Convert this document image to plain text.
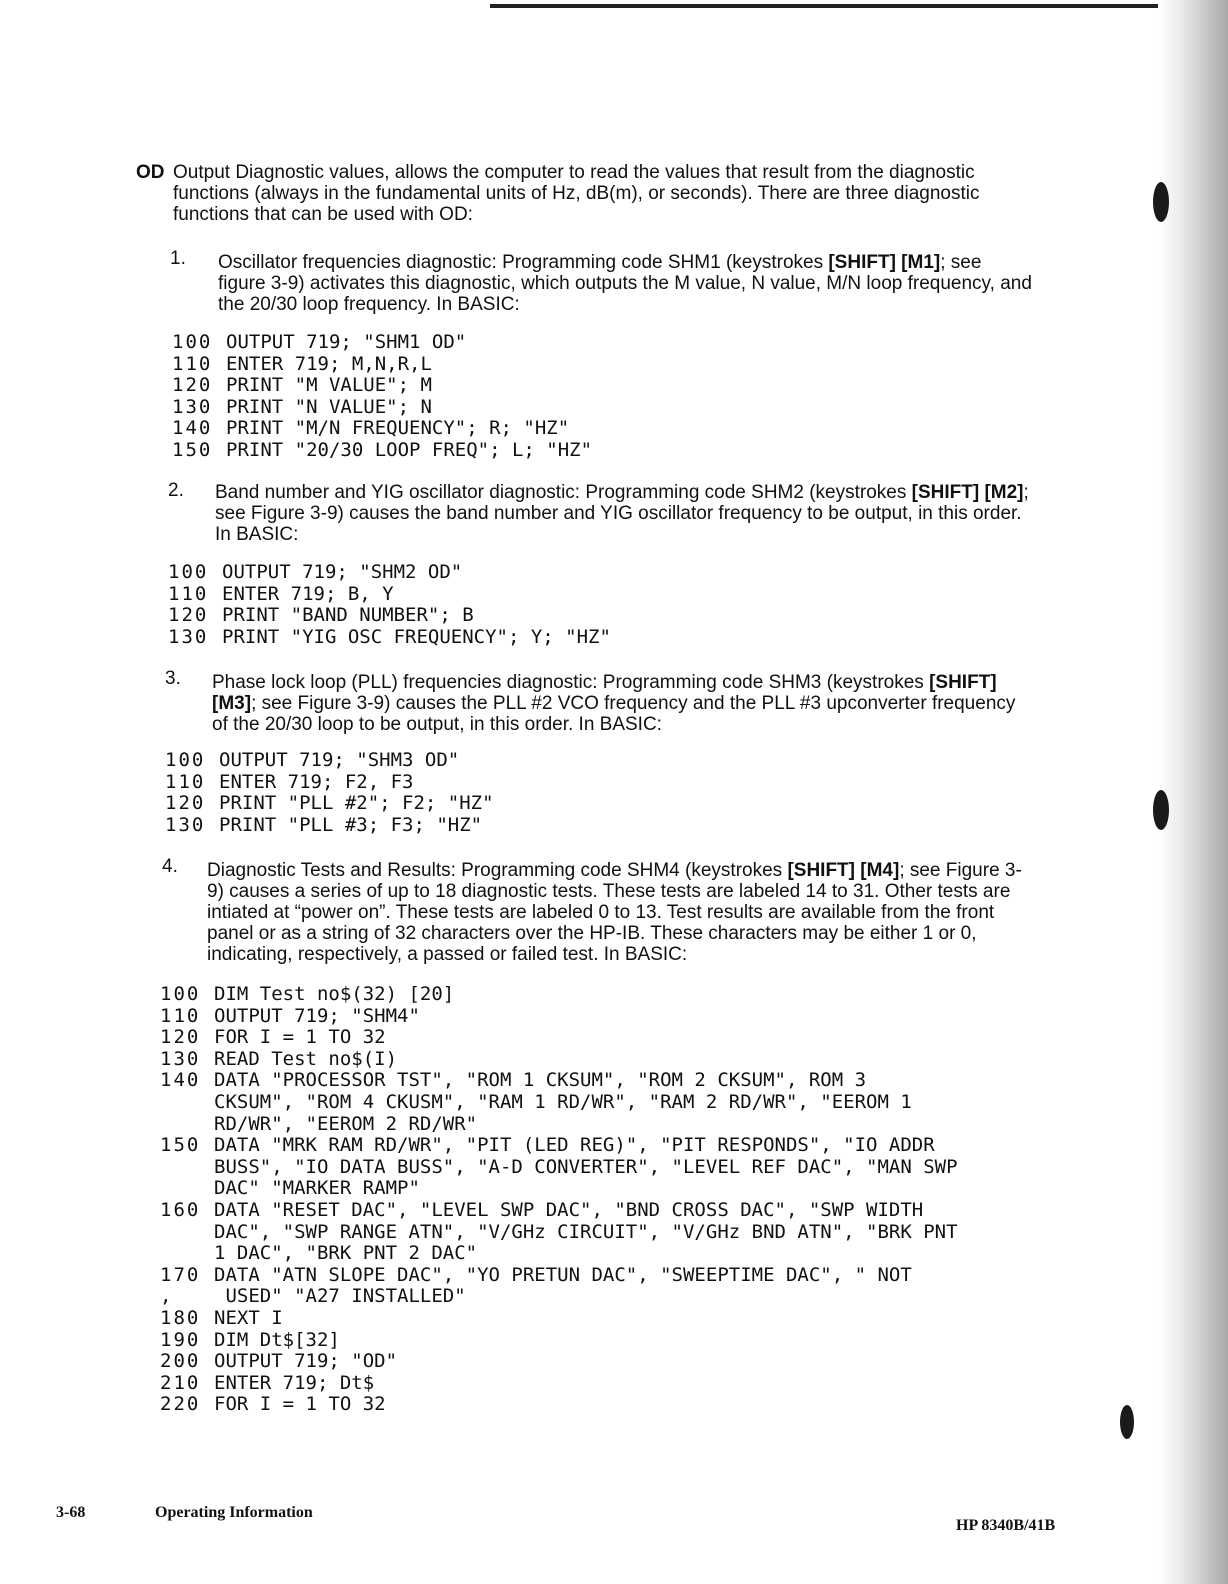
OD Output Diagnostic values, allows the computer to read the values that result from the diagnostic functions (always in the fundamental units of Hz, dB(m), or seconds). There are three diagnostic functions that can be used with OD:

1. Oscillator frequencies diagnostic: Programming code SHM1 (keystrokes [SHIFT] [M1]; see figure 3-9) activates this diagnostic, which outputs the M value, N value, M/N loop frequency, and the 20/30 loop frequency. In BASIC:

100 OUTPUT 719; "SHM1 OD"
110 ENTER 719; M,N,R,L
120 PRINT "M VALUE"; M
130 PRINT "N VALUE"; N
140 PRINT "M/N FREQUENCY"; R; "HZ"
150 PRINT "20/30 LOOP FREQ"; L; "HZ"
2. Band number and YIG oscillator diagnostic: Programming code SHM2 (keystrokes [SHIFT] [M2]; see Figure 3-9) causes the band number and YIG oscillator frequency to be output, in this order. In BASIC:

100 OUTPUT 719; "SHM2 OD"
110 ENTER 719; B, Y
120 PRINT "BAND NUMBER"; B
130 PRINT "YIG OSC FREQUENCY"; Y; "HZ"
3. Phase lock loop (PLL) frequencies diagnostic: Programming code SHM3 (keystrokes [SHIFT] [M3]; see Figure 3-9) causes the PLL #2 VCO frequency and the PLL #3 upconverter frequency of the 20/30 loop to be output, in this order. In BASIC:

100 OUTPUT 719; "SHM3 OD"
110 ENTER 719; F2, F3
120 PRINT "PLL #2"; F2; "HZ"
130 PRINT "PLL #3; F3; "HZ"
4. Diagnostic Tests and Results: Programming code SHM4 (keystrokes [SHIFT] [M4]; see Figure 3-9) causes a series of up to 18 diagnostic tests. These tests are labeled 14 to 31. Other tests are intiated at “power on”. These tests are labeled 0 to 13. Test results are available from the front panel or as a string of 32 characters over the HP-IB. These characters may be either 1 or 0, indicating, respectively, a passed or failed test. In BASIC:

100 DIM Test no$(32) [20]
110 OUTPUT 719; "SHM4"
120 FOR I = 1 TO 32
130 READ Test no$(I)
140 DATA "PROCESSOR TST", "ROM 1 CKSUM", "ROM 2 CKSUM", ROM 3
CKSUM", "ROM 4 CKUSM", "RAM 1 RD/WR", "RAM 2 RD/WR", "EEROM 1
RD/WR", "EEROM 2 RD/WR"
150 DATA "MRK RAM RD/WR", "PIT (LED REG)", "PIT RESPONDS", "IO ADDR
BUSS", "IO DATA BUSS", "A-D CONVERTER", "LEVEL REF DAC", "MAN SWP
DAC" "MARKER RAMP"
160 DATA "RESET DAC", "LEVEL SWP DAC", "BND CROSS DAC", "SWP WIDTH
DAC", "SWP RANGE ATN", "V/GHz CIRCUIT", "V/GHz BND ATN", "BRK PNT
1 DAC", "BRK PNT 2 DAC"
170 DATA "ATN SLOPE DAC", "YO PRETUN DAC", "SWEEPTIME DAC", " NOT
,	USED" "A27 INSTALLED"
180 NEXT I
190 DIM Dt$[32]
200 OUTPUT 719; "OD"
210 ENTER 719; Dt$
220 FOR I = 1 TO 32
3-68	Operating Information
HP 8340B/41B
